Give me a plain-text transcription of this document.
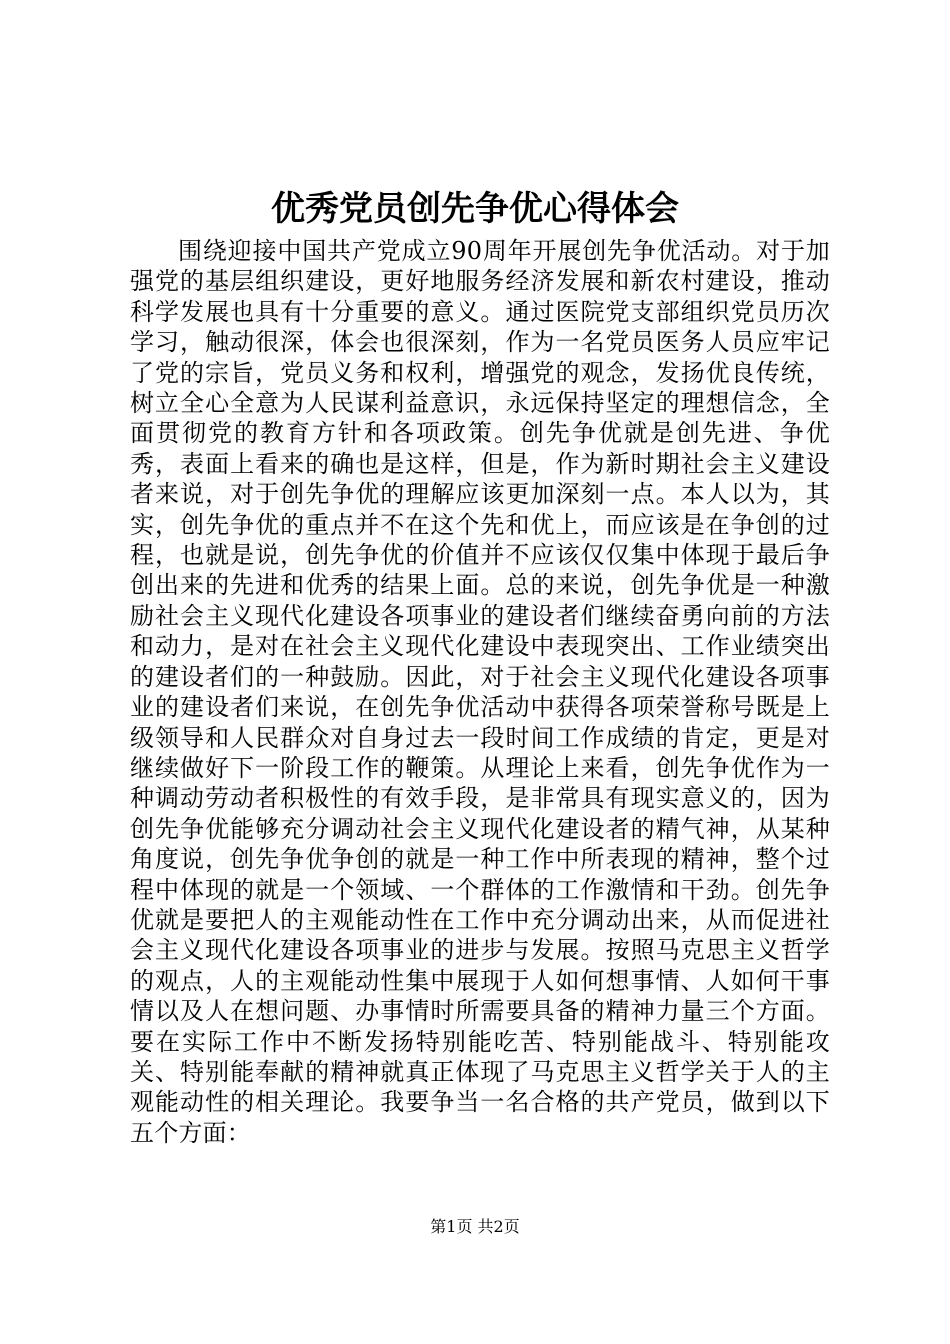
优秀党员创先争优心得体会

围绕迎接中国共产党成立90周年开展创先争优活动。对于加强党的基层组织建设，更好地服务经济发展和新农村建设，推动科学发展也具有十分重要的意义。通过医院党支部组织党员历次学习，触动很深，体会也很深刻，作为一名党员医务人员应牢记了党的宗旨，党员义务和权利，增强党的观念，发扬优良传统，树立全心全意为人民谋利益意识，永远保持坚定的理想信念，全面贯彻党的教育方针和各项政策。创先争优就是创先进、争优秀，表面上看来的确也是这样，但是，作为新时期社会主义建设者来说，对于创先争优的理解应该更加深刻一点。本人以为，其实，创先争优的重点并不在这个先和优上，而应该是在争创的过程，也就是说，创先争优的价值并不应该仅仅集中体现于最后争创出来的先进和优秀的结果上面。总的来说，创先争优是一种激励社会主义现代化建设各项事业的建设者们继续奋勇向前的方法和动力，是对在社会主义现代化建设中表现突出、工作业绩突出的建设者们的一种鼓励。因此，对于社会主义现代化建设各项事业的建设者们来说，在创先争优活动中获得各项荣誉称号既是上级领导和人民群众对自身过去一段时间工作成绩的肯定，更是对继续做好下一阶段工作的鞭策。从理论上来看，创先争优作为一种调动劳动者积极性的有效手段，是非常具有现实意义的，因为创先争优能够充分调动社会主义现代化建设者的精气神，从某种角度说，创先争优争创的就是一种工作中所表现的精神，整个过程中体现的就是一个领域、一个群体的工作激情和干劲。创先争优就是要把人的主观能动性在工作中充分调动出来，从而促进社会主义现代化建设各项事业的进步与发展。按照马克思主义哲学的观点，人的主观能动性集中展现于人如何想事情、人如何干事情以及人在想问题、办事情时所需要具备的精神力量三个方面。要在实际工作中不断发扬特别能吃苦、特别能战斗、特别能攻关、特别能奉献的精神就真正体现了马克思主义哲学关于人的主观能动性的相关理论。我要争当一名合格的共产党员，做到以下五个方面：

第1页 共2页
